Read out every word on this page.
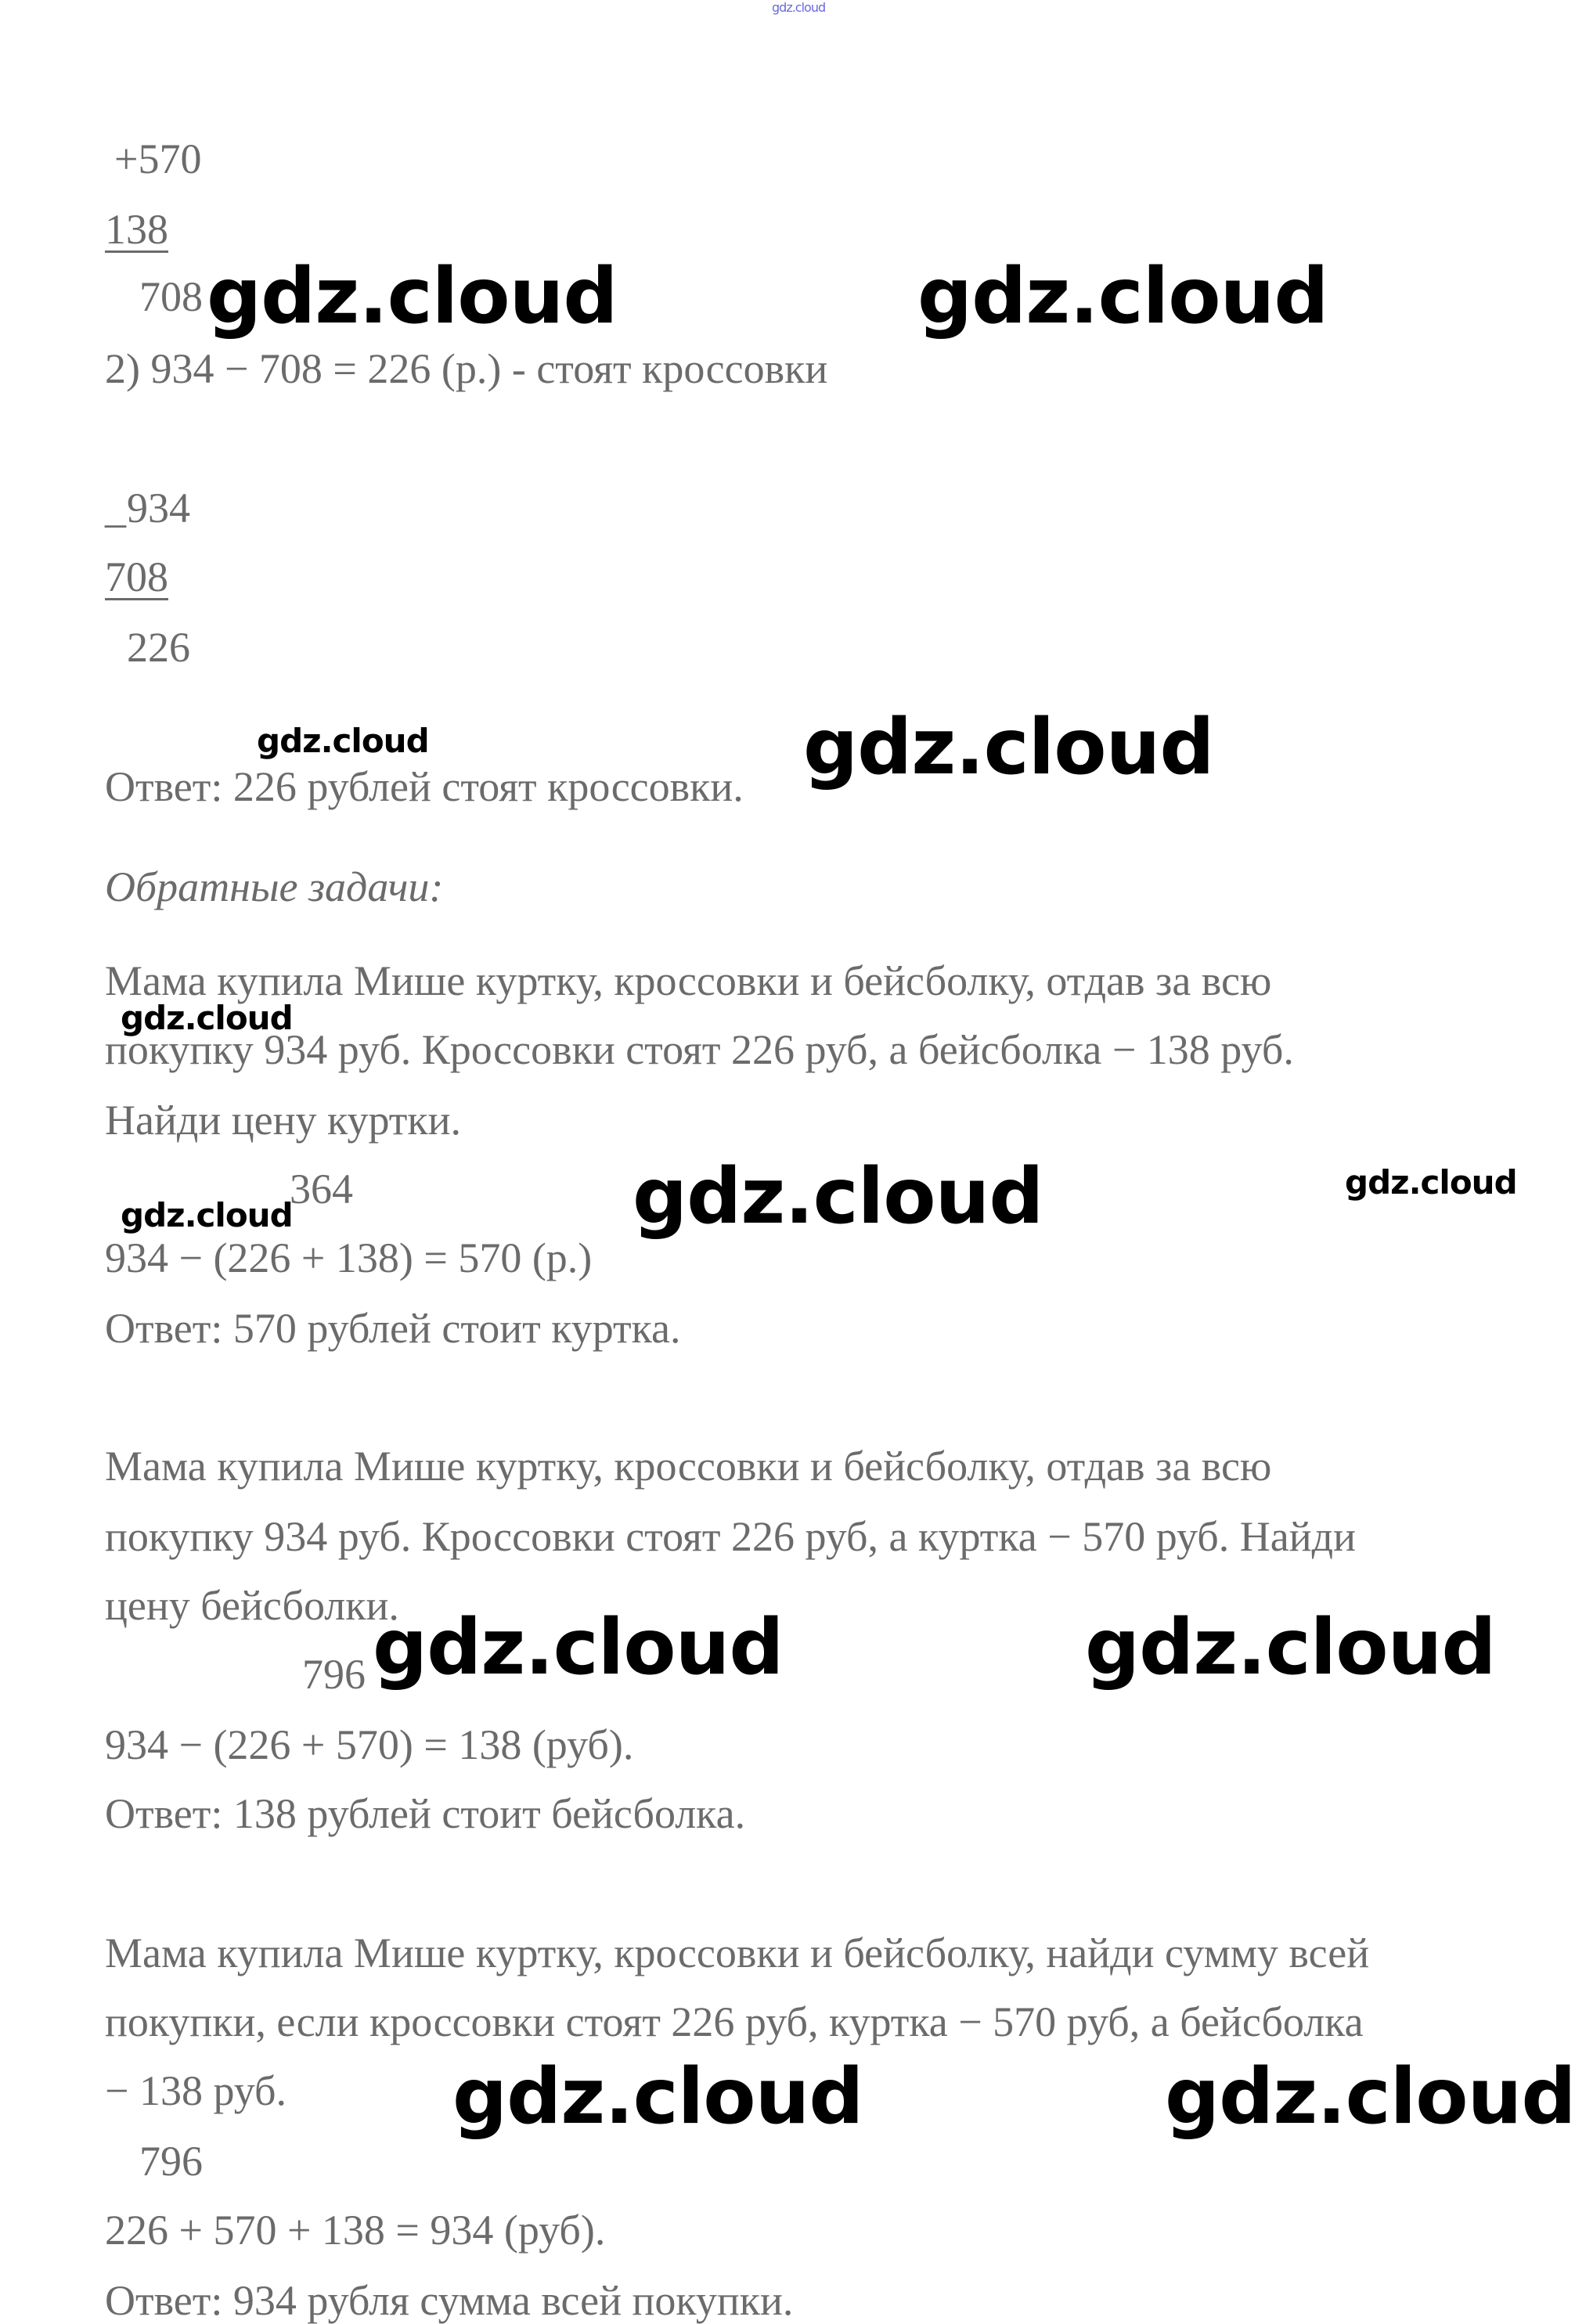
gdz.cloud
+570
138
708
2) 934 − 708 = 226 (р.) - стоят кроссовки
_ 934
708
226
Ответ: 226 рублей стоят кроссовки.
Обратные задачи:
Мама купила Мише куртку, кроссовки и бейсболку, отдав за всю
покупку 934 руб. Кроссовки стоят 226 руб, а бейсболка − 138 руб.
Найди цену куртки.
364
934 − (226 + 138) = 570 (р.)
Ответ: 570 рублей стоит куртка.
Мама купила Мише куртку, кроссовки и бейсболку, отдав за всю
покупку 934 руб. Кроссовки стоят 226 руб, а куртка − 570 руб. Найди
цену бейсболки.
796
934 − (226 + 570) = 138 (руб).
Ответ: 138 рублей стоит бейсболка.
Мама купила Мише куртку, кроссовки и бейсболку, найди сумму всей
покупки, если кроссовки стоят 226 руб, куртка − 570 руб, а бейсболка
− 138 руб.
796
226 + 570 + 138 = 934 (руб).
Ответ: 934 рубля сумма всей покупки.
gdz.cloud	gdz.cloud
gdz.cloud	gdz.cloud
gdz.cloud
gdz.cloud	gdz.cloud	gdz.cloud
gdz.cloud	gdz.cloud
gdz.cloud	gdz.cloud
